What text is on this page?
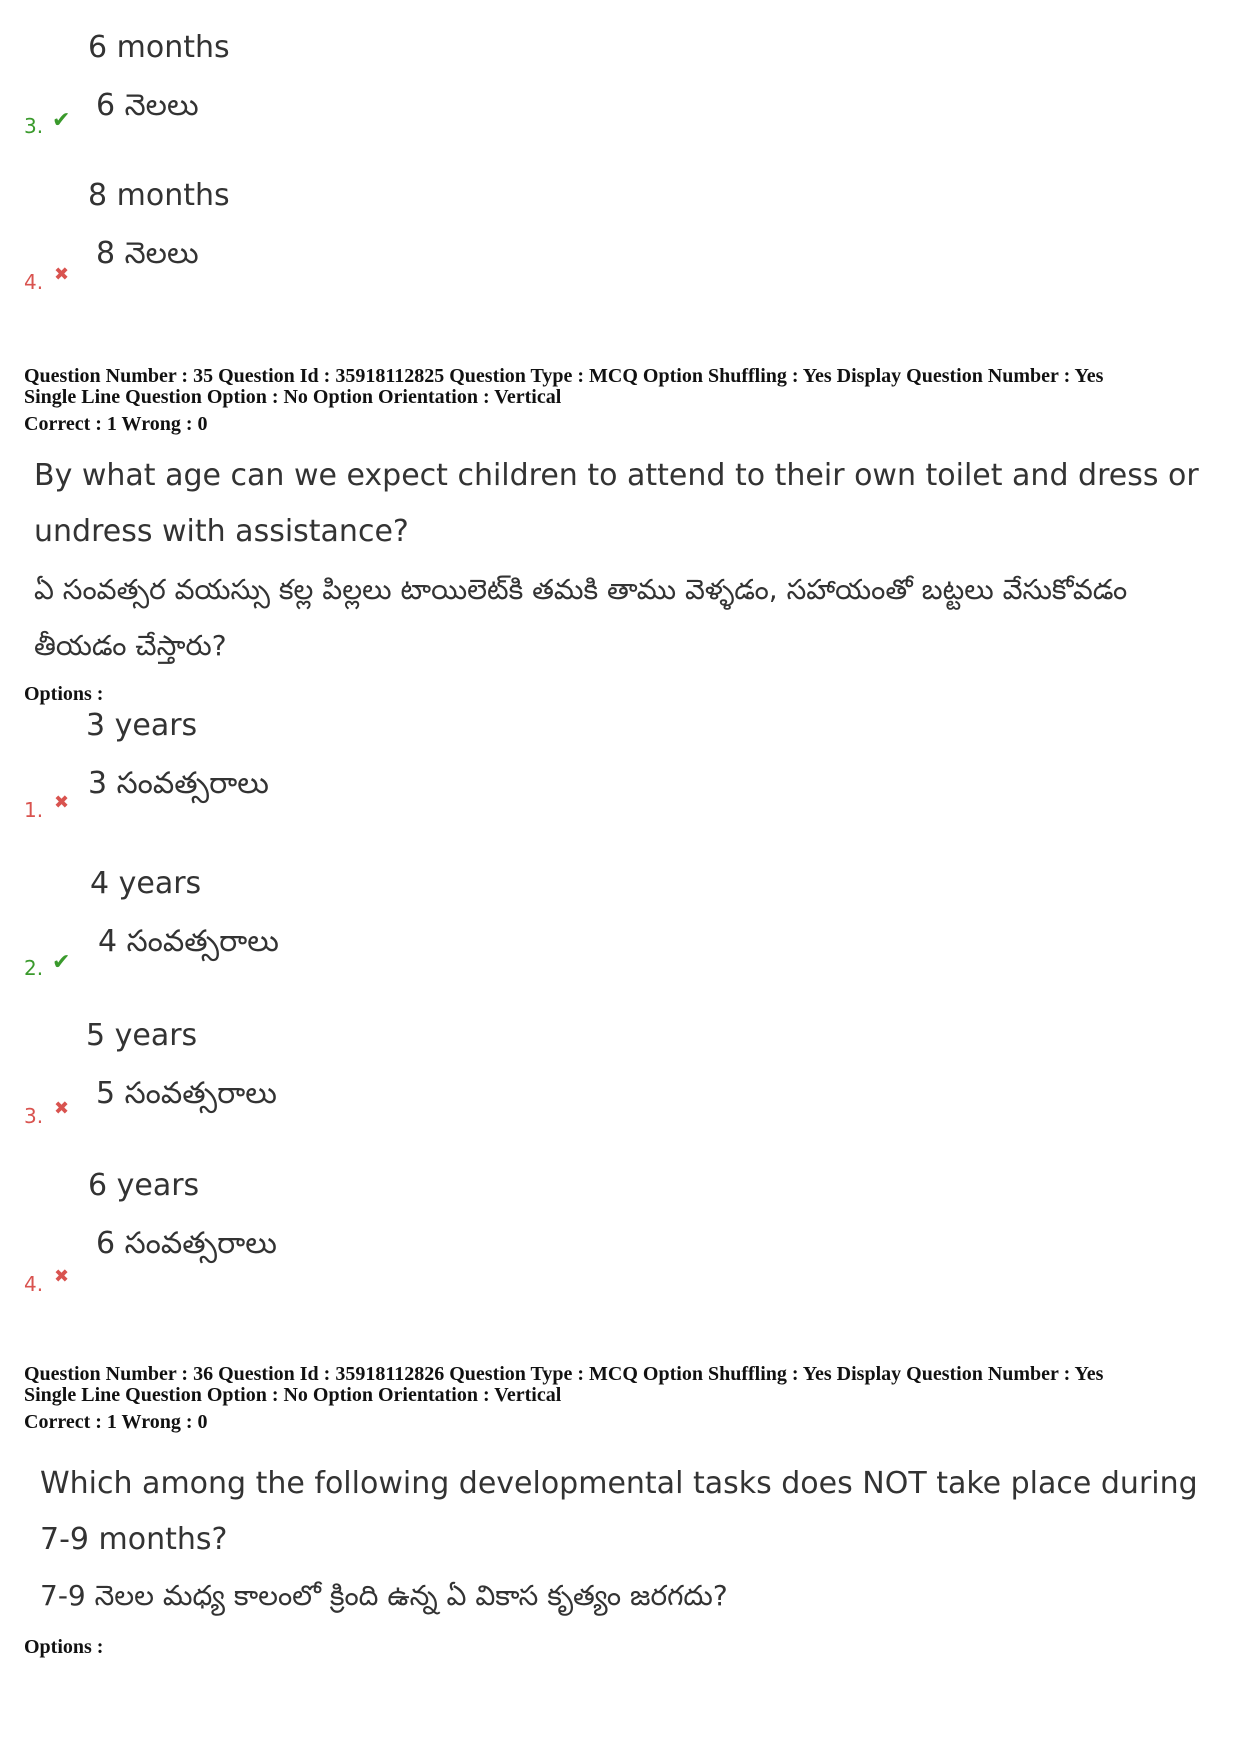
6 months
6 నెలలు
3. ✔
8 months
8 నెలలు
4. ✖
Question Number : 35 Question Id : 35918112825 Question Type : MCQ Option Shuffling : Yes Display Question Number : Yes
Single Line Question Option : No Option Orientation : Vertical
Correct : 1 Wrong : 0
By what age can we expect children to attend to their own toilet and dress or undress with assistance?
ఏ సంవత్సర వయస్సు కల్ల పిల్లలు టాయిలెట్‌కి తమకి తాము వెళ్ళడం, సహాయంతో బట్టలు వేసుకోవడం తీయడం చేస్తారు?
Options :
3 years
3 సంవత్సరాలు
1. ✖
4 years
4 సంవత్సరాలు
2. ✔
5 years
5 సంవత్సరాలు
3. ✖
6 years
6 సంవత్సరాలు
4. ✖
Question Number : 36 Question Id : 35918112826 Question Type : MCQ Option Shuffling : Yes Display Question Number : Yes
Single Line Question Option : No Option Orientation : Vertical
Correct : 1 Wrong : 0
Which among the following developmental tasks does NOT take place during 7-9 months?
7-9 నెలల మధ్య కాలంలో క్రింది ఉన్న ఏ వికాస కృత్యం జరగదు?
Options :
